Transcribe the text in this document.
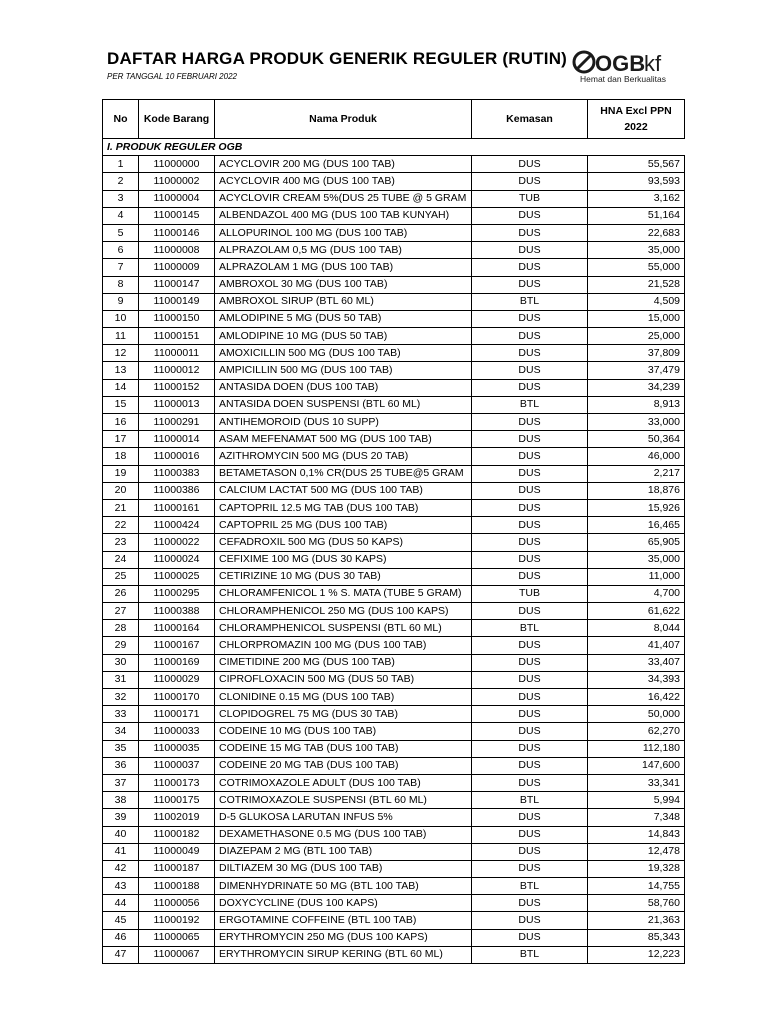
DAFTAR HARGA PRODUK GENERIK REGULER (RUTIN)
PER TANGGAL 10 FEBRUARI 2022
OGB
kf
Hemat dan Berkualitas
No	Kode Barang	Nama Produk	Kemasan	HNA Excl PPN 2022
I. PRODUK REGULER OGB				
1	11000000	ACYCLOVIR 200 MG (DUS 100 TAB)	DUS	55,567
2	11000002	ACYCLOVIR 400 MG (DUS 100 TAB)	DUS	93,593
3	11000004	ACYCLOVIR CREAM 5%(DUS 25 TUBE @ 5 GRAM	TUB	3,162
4	11000145	ALBENDAZOL 400 MG (DUS 100 TAB KUNYAH)	DUS	51,164
5	11000146	ALLOPURINOL 100 MG (DUS 100 TAB)	DUS	22,683
6	11000008	ALPRAZOLAM 0,5 MG (DUS 100 TAB)	DUS	35,000
7	11000009	ALPRAZOLAM 1 MG (DUS 100 TAB)	DUS	55,000
8	11000147	AMBROXOL 30 MG (DUS 100 TAB)	DUS	21,528
9	11000149	AMBROXOL SIRUP (BTL 60 ML)	BTL	4,509
10	11000150	AMLODIPINE 5 MG (DUS 50 TAB)	DUS	15,000
11	11000151	AMLODIPINE 10 MG (DUS 50 TAB)	DUS	25,000
12	11000011	AMOXICILLIN 500 MG (DUS 100 TAB)	DUS	37,809
13	11000012	AMPICILLIN 500 MG (DUS 100 TAB)	DUS	37,479
14	11000152	ANTASIDA DOEN (DUS 100 TAB)	DUS	34,239
15	11000013	ANTASIDA DOEN SUSPENSI (BTL 60 ML)	BTL	8,913
16	11000291	ANTIHEMOROID (DUS 10 SUPP)	DUS	33,000
17	11000014	ASAM MEFENAMAT 500 MG (DUS 100 TAB)	DUS	50,364
18	11000016	AZITHROMYCIN 500 MG (DUS 20 TAB)	DUS	46,000
19	11000383	BETAMETASON 0,1% CR(DUS 25 TUBE@5 GRAM	DUS	2,217
20	11000386	CALCIUM LACTAT 500 MG (DUS 100 TAB)	DUS	18,876
21	11000161	CAPTOPRIL 12.5 MG TAB (DUS 100 TAB)	DUS	15,926
22	11000424	CAPTOPRIL 25 MG (DUS 100 TAB)	DUS	16,465
23	11000022	CEFADROXIL 500 MG (DUS 50 KAPS)	DUS	65,905
24	11000024	CEFIXIME 100 MG (DUS 30 KAPS)	DUS	35,000
25	11000025	CETIRIZINE 10 MG (DUS 30 TAB)	DUS	11,000
26	11000295	CHLORAMFENICOL 1 % S. MATA (TUBE 5 GRAM)	TUB	4,700
27	11000388	CHLORAMPHENICOL 250 MG (DUS 100 KAPS)	DUS	61,622
28	11000164	CHLORAMPHENICOL SUSPENSI (BTL 60 ML)	BTL	8,044
29	11000167	CHLORPROMAZIN 100 MG (DUS 100 TAB)	DUS	41,407
30	11000169	CIMETIDINE 200 MG (DUS 100 TAB)	DUS	33,407
31	11000029	CIPROFLOXACIN 500 MG (DUS 50 TAB)	DUS	34,393
32	11000170	CLONIDINE 0.15 MG (DUS 100 TAB)	DUS	16,422
33	11000171	CLOPIDOGREL 75 MG (DUS 30 TAB)	DUS	50,000
34	11000033	CODEINE 10 MG (DUS 100 TAB)	DUS	62,270
35	11000035	CODEINE 15 MG TAB (DUS 100 TAB)	DUS	112,180
36	11000037	CODEINE 20 MG TAB (DUS 100 TAB)	DUS	147,600
37	11000173	COTRIMOXAZOLE ADULT (DUS 100 TAB)	DUS	33,341
38	11000175	COTRIMOXAZOLE SUSPENSI (BTL 60 ML)	BTL	5,994
39	11002019	D-5 GLUKOSA LARUTAN INFUS 5%	DUS	7,348
40	11000182	DEXAMETHASONE 0.5 MG (DUS 100 TAB)	DUS	14,843
41	11000049	DIAZEPAM 2 MG (BTL 100 TAB)	DUS	12,478
42	11000187	DILTIAZEM 30 MG (DUS 100 TAB)	DUS	19,328
43	11000188	DIMENHYDRINATE 50 MG (BTL 100 TAB)	BTL	14,755
44	11000056	DOXYCYCLINE (DUS 100 KAPS)	DUS	58,760
45	11000192	ERGOTAMINE COFFEINE (BTL 100 TAB)	DUS	21,363
46	11000065	ERYTHROMYCIN 250 MG (DUS 100 KAPS)	DUS	85,343
47	11000067	ERYTHROMYCIN SIRUP KERING (BTL 60 ML)	BTL	12,223
